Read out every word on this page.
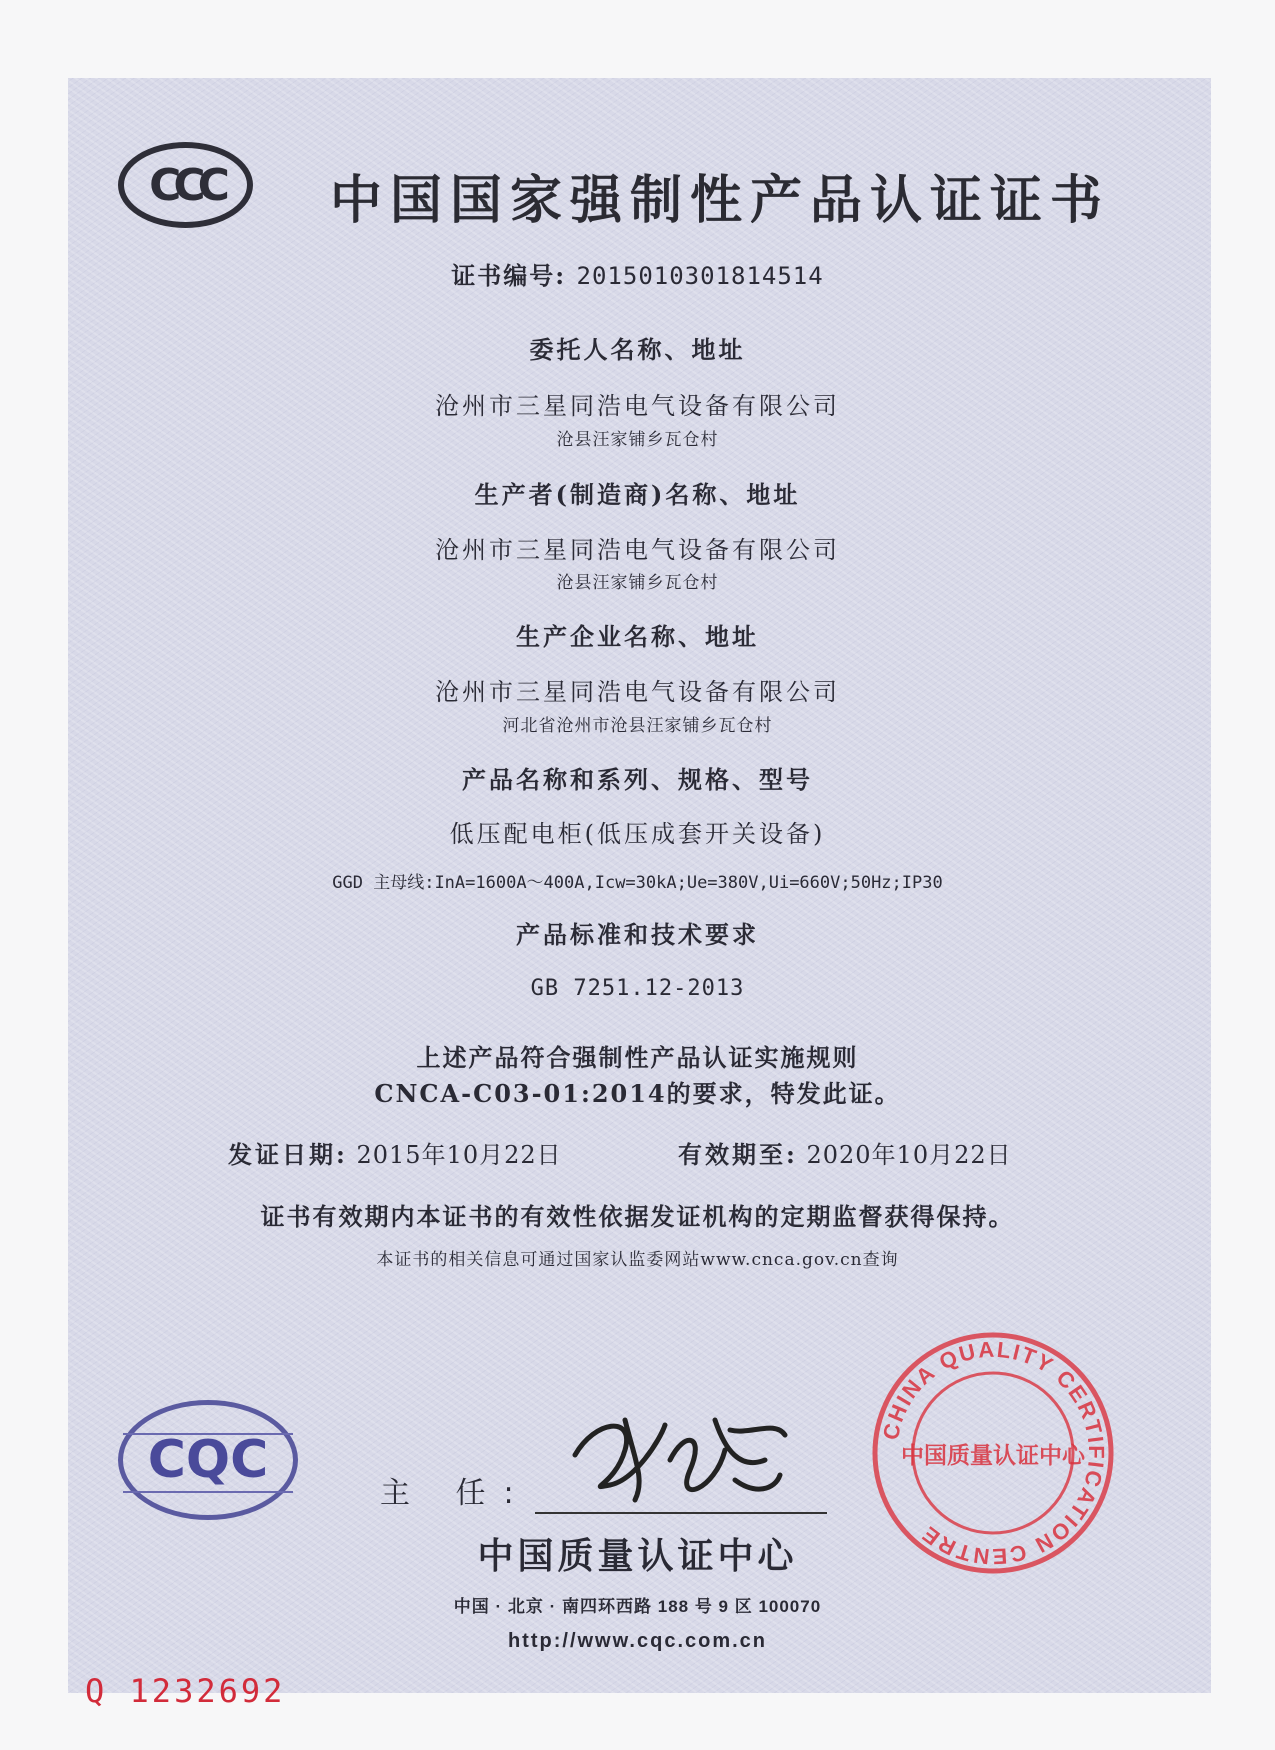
CCC	中国国家强制性产品认证证书
证书编号: 2015010301814514
委托人名称、地址
沧州市三星同浩电气设备有限公司
沧县汪家铺乡瓦仓村
生产者(制造商)名称、地址
沧州市三星同浩电气设备有限公司
沧县汪家铺乡瓦仓村
生产企业名称、地址
沧州市三星同浩电气设备有限公司
河北省沧州市沧县汪家铺乡瓦仓村
产品名称和系列、规格、型号
低压配电柜(低压成套开关设备)
GGD 主母线:InA=1600A～400A,Icw=30kA;Ue=380V,Ui=660V;50Hz;IP30
产品标准和技术要求
GB 7251.12-2013
上述产品符合强制性产品认证实施规则
CNCA-C03-01:2014的要求，特发此证。
发证日期: 2015年10月22日	有效期至: 2020年10月22日
证书有效期内本证书的有效性依据发证机构的定期监督获得保持。
本证书的相关信息可通过国家认监委网站www.cnca.gov.cn查询
CQC
主 任:
中国质量认证中心
中国 · 北京 · 南四环西路 188 号 9 区 100070
http://www.cqc.com.cn
CHINA QUALITY CERTIFICATION CENTRE
中国质量认证中心
Q 1232692
